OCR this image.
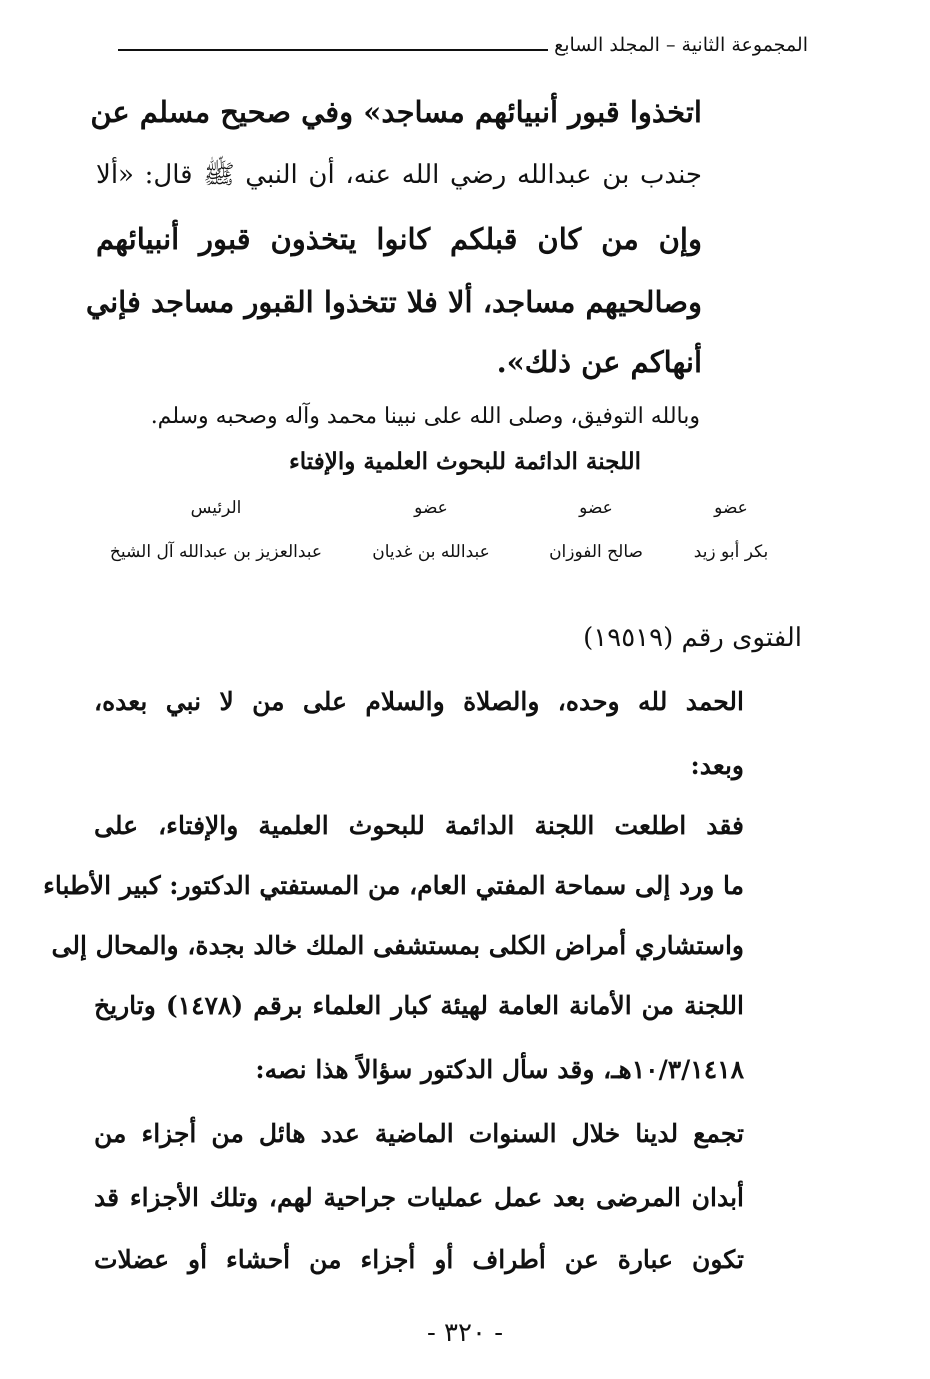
المجموعة الثانية – المجلد السابع
اتخذوا قبور أنبيائهم مساجد» وفي صحيح مسلم عن
جندب بن عبدالله رضي الله عنه، أن النبي ﷺ قال: «ألا
وإن من كان قبلكم كانوا يتخذون قبور أنبيائهم
وصالحيهم مساجد، ألا فلا تتخذوا القبور مساجد فإني
أنهاكم عن ذلك».
وبالله التوفيق، وصلى الله على نبينا محمد وآله وصحبه وسلم.
اللجنة الدائمة للبحوث العلمية والإفتاء
عضو
عضو
عضو
الرئيس
بكر أبو زيد
صالح الفوزان
عبدالله بن غديان
عبدالعزيز بن عبدالله آل الشيخ
الفتوى رقم (١٩٥١٩)
الحمد لله وحده، والصلاة والسلام على من لا نبي بعده،
وبعد:
فقد اطلعت اللجنة الدائمة للبحوث العلمية والإفتاء، على
ما ورد إلى سماحة المفتي العام، من المستفتي الدكتور: كبير الأطباء
واستشاري أمراض الكلى بمستشفى الملك خالد بجدة، والمحال إلى
اللجنة من الأمانة العامة لهيئة كبار العلماء برقم (١٤٧٨) وتاريخ
١٠/٣/١٤١٨هـ، وقد سأل الدكتور سؤالاً هذا نصه:
تجمع لدينا خلال السنوات الماضية عدد هائل من أجزاء من
أبدان المرضى بعد عمل عمليات جراحية لهم، وتلك الأجزاء قد
تكون عبارة عن أطراف أو أجزاء من أحشاء أو عضلات
- ٣٢٠ -
